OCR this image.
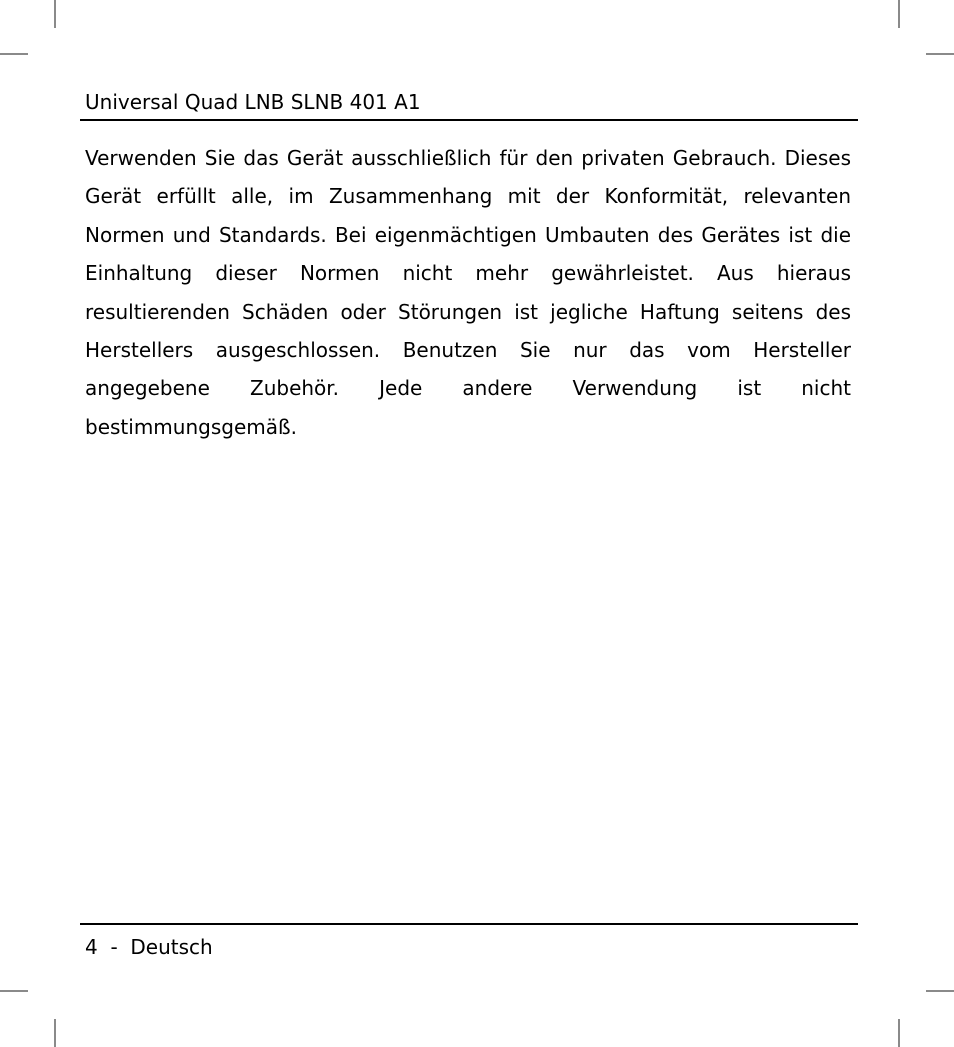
Universal Quad LNB SLNB 401 A1

Verwenden Sie das Gerät ausschließlich für den privaten Gebrauch. Dieses Gerät erfüllt alle, im Zusammenhang mit der Konformität, relevanten Normen und Standards. Bei eigenmächtigen Umbauten des Gerätes ist die Einhaltung dieser Normen nicht mehr gewährleistet. Aus hieraus resultierenden Schäden oder Störungen ist jegliche Haftung seitens des Herstellers ausgeschlossen. Benutzen Sie nur das vom Hersteller angegebene Zubehör. Jede andere Verwendung ist nicht bestimmungsgemäß.

4 - Deutsch
